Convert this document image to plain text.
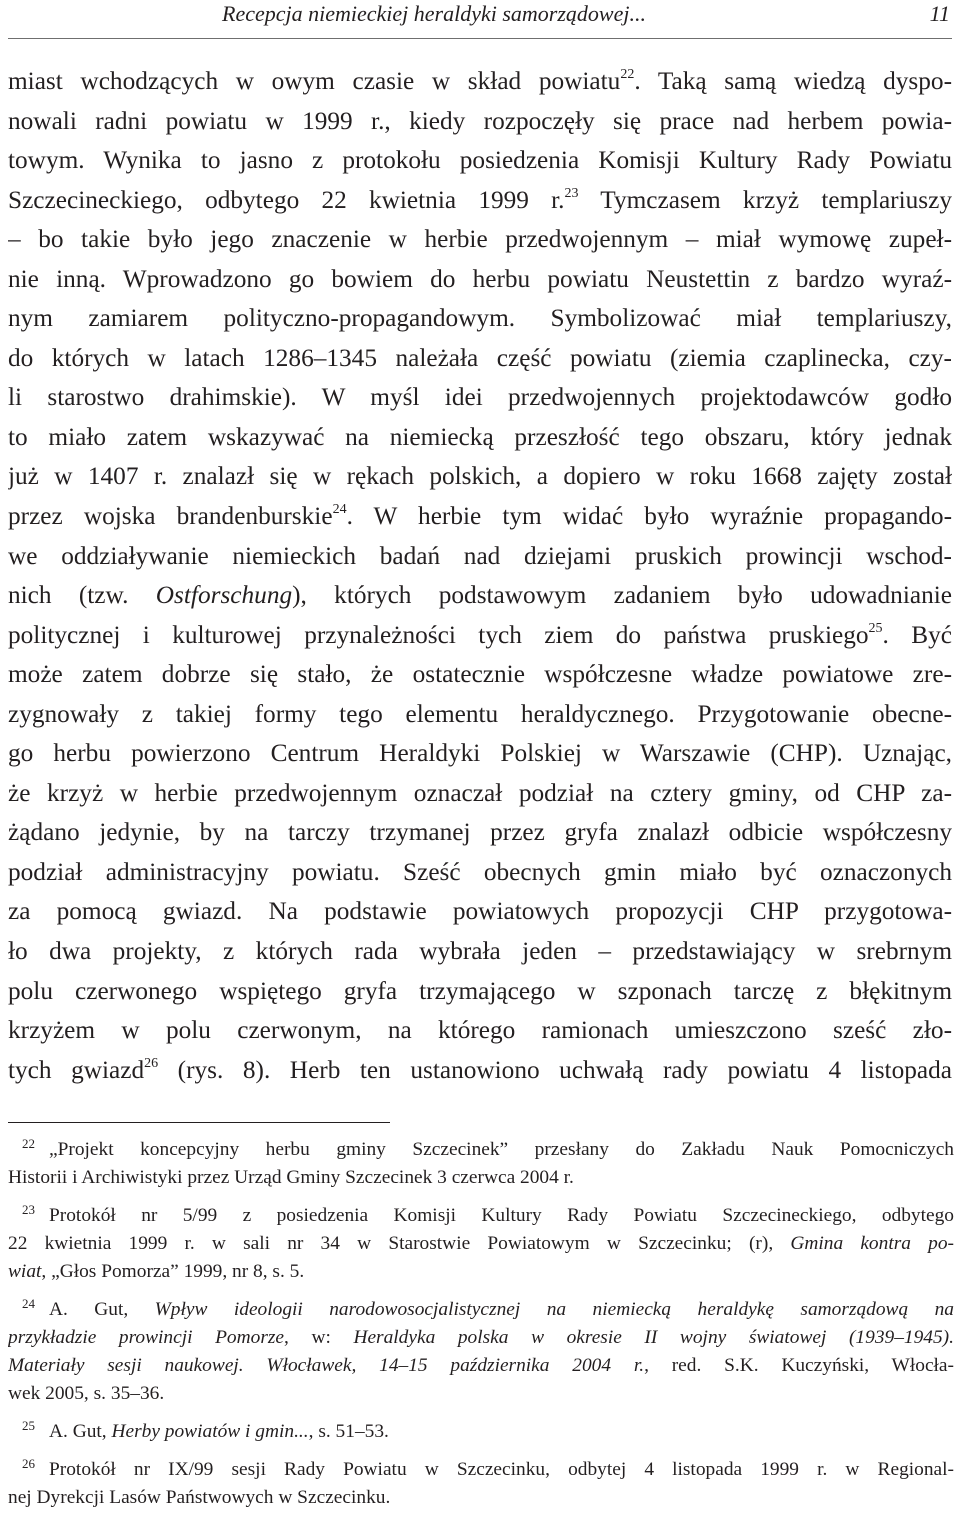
Recepcja niemieckiej heraldyki samorządowej...	11
miast wchodzących w owym czasie w skład powiatu$^{22}$. Taką samą wiedzą dyspo-
nowali radni powiatu w 1999 r., kiedy rozpoczęły się prace nad herbem powia-
towym. Wynika to jasno z protokołu posiedzenia Komisji Kultury Rady Powiatu
Szczecineckiego, odbytego 22 kwietnia 1999 r.$^{23}$ Tymczasem krzyż templariuszy
– bo takie było jego znaczenie w herbie przedwojennym – miał wymowę zupeł-
nie inną. Wprowadzono go bowiem do herbu powiatu Neustettin z bardzo wyraź-
nym zamiarem polityczno-propagandowym. Symbolizować miał templariuszy,
do których w latach 1286–1345 należała część powiatu (ziemia czaplinecka, czy-
li starostwo drahimskie). W myśl idei przedwojennych projektodawców godło
to miało zatem wskazywać na niemiecką przeszłość tego obszaru, który jednak
już w 1407 r. znalazł się w rękach polskich, a dopiero w roku 1668 zajęty został
przez wojska brandenburskie$^{24}$. W herbie tym widać było wyraźnie propagando-
we oddziaływanie niemieckich badań nad dziejami pruskich prowincji wschod-
nich (tzw. Ostforschung), których podstawowym zadaniem było udowadnianie
politycznej i kulturowej przynależności tych ziem do państwa pruskiego$^{25}$. Być
może zatem dobrze się stało, że ostatecznie współczesne władze powiatowe zre-
zygnowały z takiej formy tego elementu heraldycznego. Przygotowanie obecne-
go herbu powierzono Centrum Heraldyki Polskiej w Warszawie (CHP). Uznając,
że krzyż w herbie przedwojennym oznaczał podział na cztery gminy, od CHP za-
żądano jedynie, by na tarczy trzymanej przez gryfa znalazł odbicie współczesny
podział administracyjny powiatu. Sześć obecnych gmin miało być oznaczonych
za pomocą gwiazd. Na podstawie powiatowych propozycji CHP przygotowa-
ło dwa projekty, z których rada wybrała jeden – przedstawiający w srebrnym
polu czerwonego wspiętego gryfa trzymającego w szponach tarczę z błękitnym
krzyżem w polu czerwonym, na którego ramionach umieszczono sześć zło-
tych gwiazd$^{26}$ (rys. 8). Herb ten ustanowiono uchwałą rady powiatu 4 listopada
$^{22}$ „Projekt koncepcyjny herbu gminy Szczecinek” przesłany do Zakładu Nauk Pomocniczych
Historii i Archiwistyki przez Urząd Gminy Szczecinek 3 czerwca 2004 r.
$^{23}$ Protokół nr 5/99 z posiedzenia Komisji Kultury Rady Powiatu Szczecineckiego, odbytego
22 kwietnia 1999 r. w sali nr 34 w Starostwie Powiatowym w Szczecinku; (r), Gmina kontra po-
wiat, „Głos Pomorza” 1999, nr 8, s. 5.
$^{24}$ A. Gut, Wpływ ideologii narodowosocjalistycznej na niemiecką heraldykę samorządową na
przykładzie prowincji Pomorze, w: Heraldyka polska w okresie II wojny światowej (1939–1945).
Materiały sesji naukowej. Włocławek, 14–15 października 2004 r., red. S.K. Kuczyński, Włocła-
wek 2005, s. 35–36.
$^{25}$ A. Gut, Herby powiatów i gmin..., s. 51–53.
$^{26}$ Protokół nr IX/99 sesji Rady Powiatu w Szczecinku, odbytej 4 listopada 1999 r. w Regional-
nej Dyrekcji Lasów Państwowych w Szczecinku.
